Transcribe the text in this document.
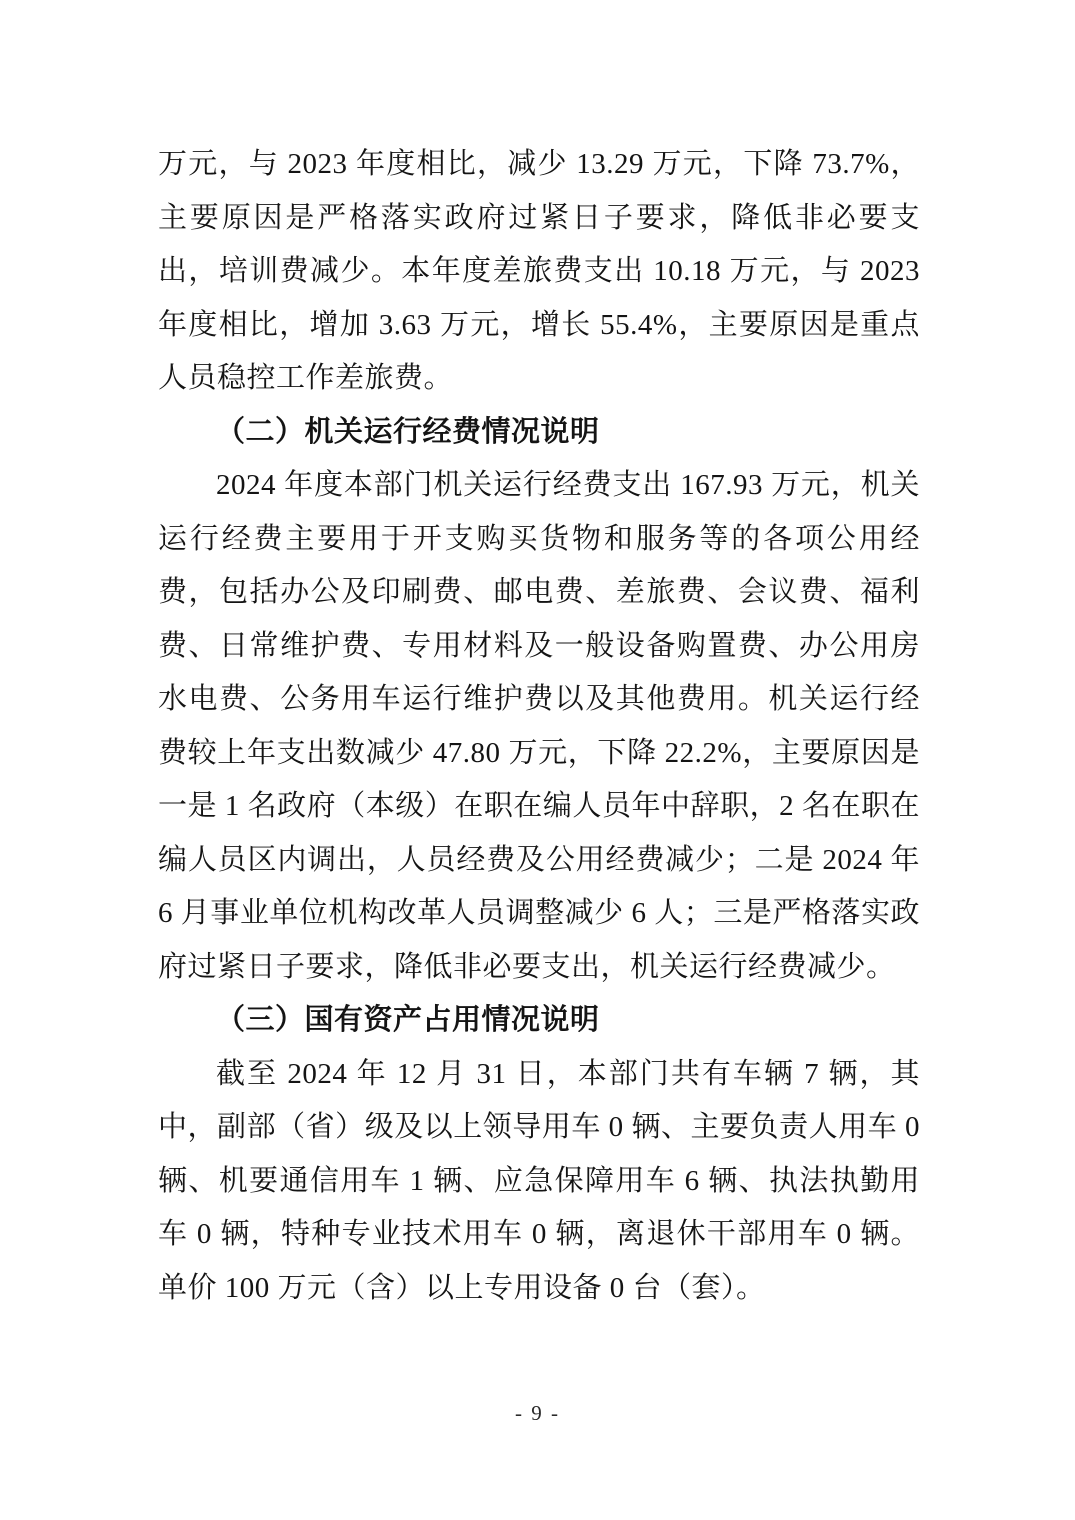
万元，与 2023 年度相比，减少 13.29 万元，下降 73.7%，主要原因是严格落实政府过紧日子要求，降低非必要支出，培训费减少。本年度差旅费支出 10.18 万元，与 2023 年度相比，增加 3.63 万元，增长 55.4%，主要原因是重点人员稳控工作差旅费。

（二）机关运行经费情况说明

2024 年度本部门机关运行经费支出 167.93 万元，机关运行经费主要用于开支购买货物和服务等的各项公用经费，包括办公及印刷费、邮电费、差旅费、会议费、福利费、日常维护费、专用材料及一般设备购置费、办公用房水电费、公务用车运行维护费以及其他费用。机关运行经费较上年支出数减少 47.80 万元，下降 22.2%，主要原因是一是 1 名政府（本级）在职在编人员年中辞职，2 名在职在编人员区内调出，人员经费及公用经费减少；二是 2024 年 6 月事业单位机构改革人员调整减少 6 人；三是严格落实政府过紧日子要求，降低非必要支出，机关运行经费减少。

（三）国有资产占用情况说明

截至 2024 年 12 月 31 日，本部门共有车辆 7 辆，其中，副部（省）级及以上领导用车 0 辆、主要负责人用车 0 辆、机要通信用车 1 辆、应急保障用车 6 辆、执法执勤用车 0 辆，特种专业技术用车 0 辆，离退休干部用车 0 辆。单价 100 万元（含）以上专用设备 0 台（套）。

- 9 -
